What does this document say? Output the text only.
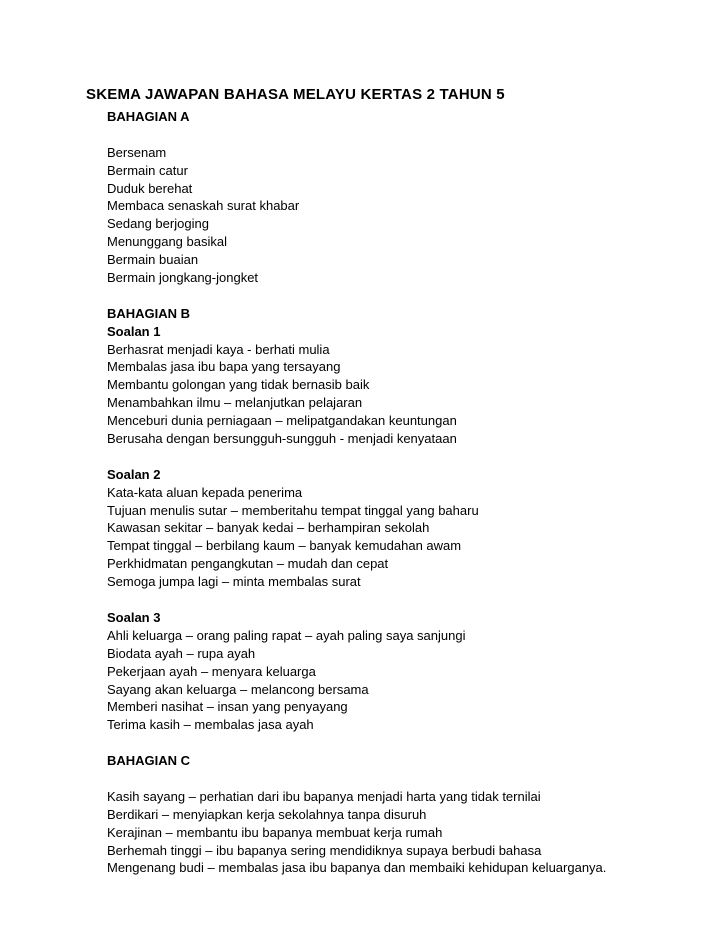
SKEMA JAWAPAN BAHASA MELAYU KERTAS 2 TAHUN 5
BAHAGIAN A
Bersenam
Bermain catur
Duduk berehat
Membaca senaskah surat khabar
Sedang berjoging
Menunggang basikal
Bermain buaian
Bermain jongkang-jongket
BAHAGIAN B
Soalan 1
Berhasrat menjadi kaya - berhati mulia
Membalas jasa ibu bapa yang tersayang
Membantu golongan yang tidak bernasib baik
Menambahkan ilmu – melanjutkan pelajaran
Menceburi dunia perniagaan – melipatgandakan keuntungan
Berusaha dengan bersungguh-sungguh - menjadi kenyataan
Soalan 2
Kata-kata aluan kepada penerima
Tujuan menulis sutar – memberitahu tempat tinggal yang baharu
Kawasan sekitar – banyak kedai – berhampiran sekolah
Tempat tinggal – berbilang kaum – banyak kemudahan awam
Perkhidmatan pengangkutan – mudah dan cepat
Semoga jumpa lagi – minta membalas surat
Soalan 3
Ahli keluarga – orang paling rapat – ayah paling saya sanjungi
Biodata ayah – rupa ayah
Pekerjaan ayah – menyara keluarga
Sayang akan keluarga – melancong bersama
Memberi nasihat – insan yang penyayang
Terima kasih – membalas jasa ayah
BAHAGIAN C
Kasih sayang – perhatian dari ibu bapanya menjadi harta yang tidak ternilai
Berdikari – menyiapkan kerja sekolahnya tanpa disuruh
Kerajinan – membantu ibu bapanya membuat kerja rumah
Berhemah tinggi – ibu bapanya sering mendidiknya supaya berbudi bahasa
Mengenang budi – membalas jasa ibu bapanya dan membaiki kehidupan keluarganya.
